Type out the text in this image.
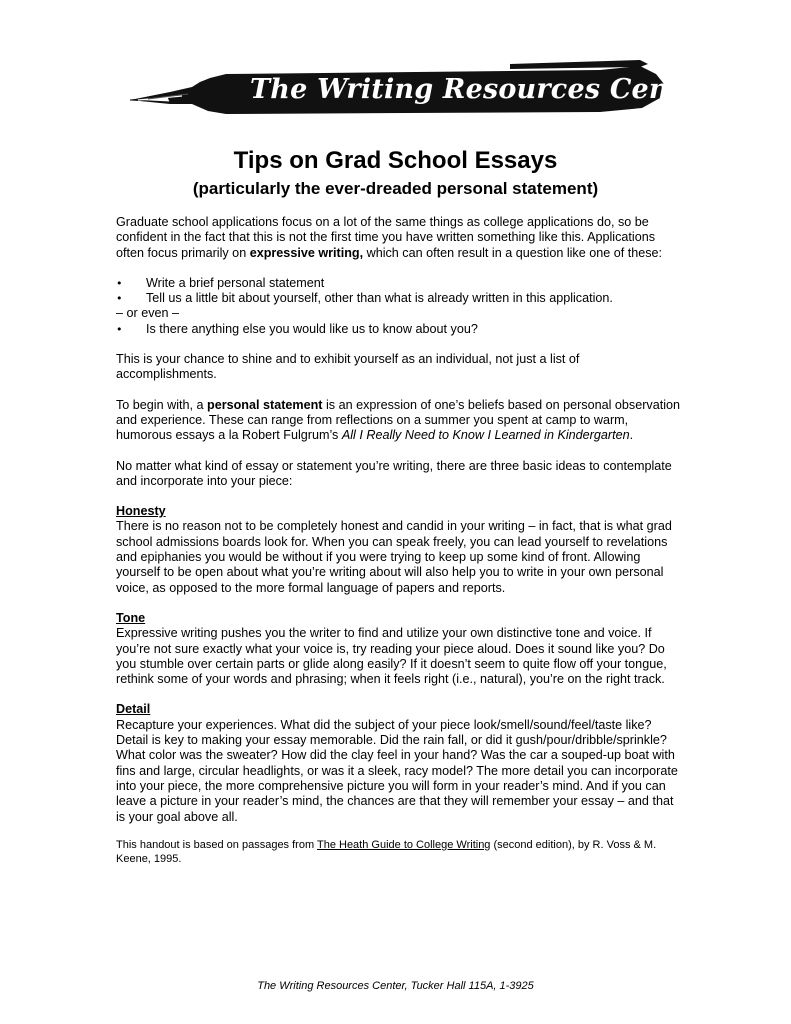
The Writing Resources Center
Tips on Grad School Essays
(particularly the ever-dreaded personal statement)

Graduate school applications focus on a lot of the same things as college applications do, so be confident in the fact that this is not the first time you have written something like this. Applications often focus primarily on expressive writing, which can often result in a question like one of these:

•
Write a brief personal statement
•
Tell us a little bit about yourself, other than what is already written in this application.

– or even –

•
Is there anything else you would like us to know about you?

This is your chance to shine and to exhibit yourself as an individual, not just a list of accomplishments.

To begin with, a personal statement is an expression of one’s beliefs based on personal observation and experience. These can range from reflections on a summer you spent at camp to warm, humorous essays a la Robert Fulgrum’s All I Really Need to Know I Learned in Kindergarten.

No matter what kind of essay or statement you’re writing, there are three basic ideas to contemplate and incorporate into your piece:

Honesty

There is no reason not to be completely honest and candid in your writing – in fact, that is what grad school admissions boards look for. When you can speak freely, you can lead yourself to revelations and epiphanies you would be without if you were trying to keep up some kind of front. Allowing yourself to be open about what you’re writing about will also help you to write in your own personal voice, as opposed to the more formal language of papers and reports.

Tone

Expressive writing pushes you the writer to find and utilize your own distinctive tone and voice. If you’re not sure exactly what your voice is, try reading your piece aloud. Does it sound like you? Do you stumble over certain parts or glide along easily? If it doesn’t seem to quite flow off your tongue, rethink some of your words and phrasing; when it feels right (i.e., natural), you’re on the right track.

Detail

Recapture your experiences. What did the subject of your piece look/smell/sound/feel/taste like? Detail is key to making your essay memorable. Did the rain fall, or did it gush/pour/dribble/sprinkle? What color was the sweater? How did the clay feel in your hand? Was the car a souped-up boat with fins and large, circular headlights, or was it a sleek, racy model? The more detail you can incorporate into your piece, the more comprehensive picture you will form in your reader’s mind. And if you can leave a picture in your reader’s mind, the chances are that they will remember your essay – and that is your goal above all.

This handout is based on passages from The Heath Guide to College Writing (second edition), by R. Voss & M. Keene, 1995.

The Writing Resources Center, Tucker Hall 115A, 1-3925
